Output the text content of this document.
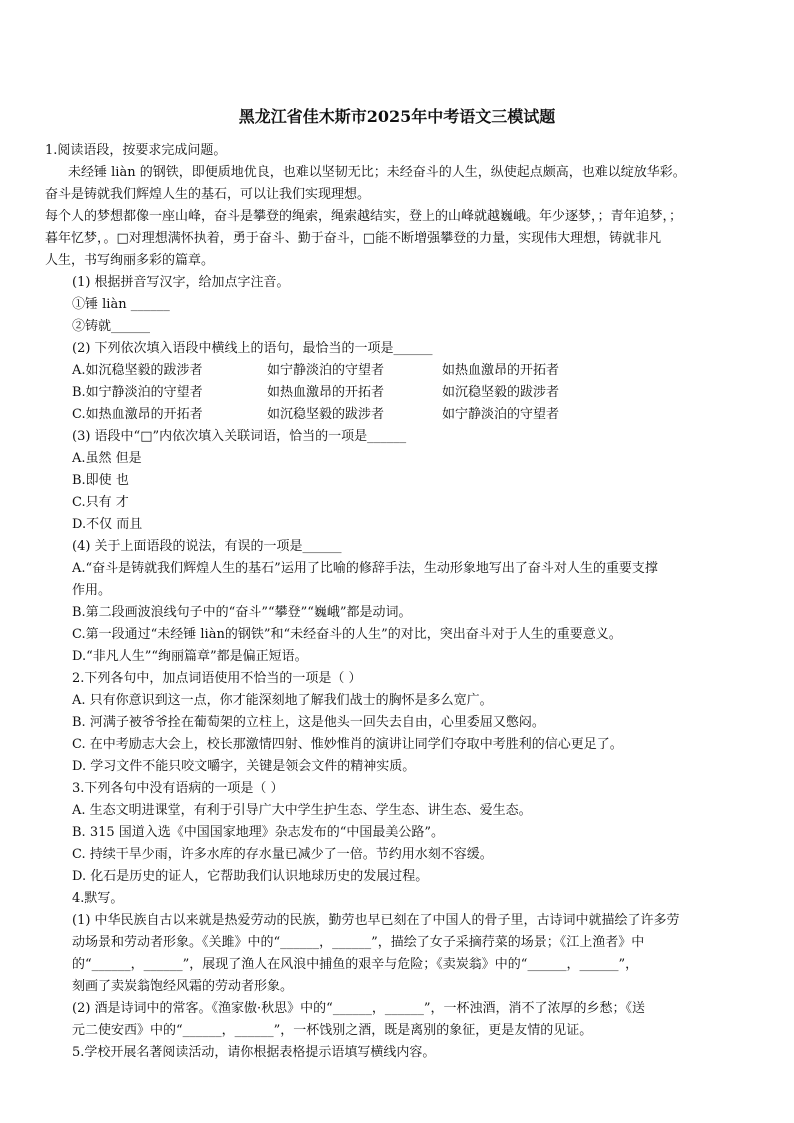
黑龙江省佳木斯市2025年中考语文三模试题
1.阅读语段，按要求完成问题。
未经锤 liàn 的钢铁，即便质地优良，也难以坚韧无比；未经奋斗的人生，纵使起点颇高，也难以绽放华彩。
奋斗是铸就我们辉煌人生的基石，可以让我们实现理想。
每个人的梦想都像一座山峰，奋斗是攀登的绳索，绳索越结实，登上的山峰就越巍峨。年少逐梦，；青年追梦，；
暮年忆梦，。□对理想满怀执着，勇于奋斗、勤于奋斗，□能不断增强攀登的力量，实现伟大理想，铸就非凡
人生，书写绚丽多彩的篇章。
(1) 根据拼音写汉字，给加点字注音。
①锤 liàn ______
②铸就______
(2) 下列依次填入语段中横线上的语句，最恰当的一项是______
(3) 语段中“□”内依次填入关联词语，恰当的一项是______
A.虽然 但是
B.即使 也
C.只有 才
D.不仅 而且
(4) 关于上面语段的说法，有误的一项是______
A.“奋斗是铸就我们辉煌人生的基石”运用了比喻的修辞手法，生动形象地写出了奋斗对人生的重要支撑
作用。
B.第二段画波浪线句子中的“奋斗”“攀登”“巍峨”都是动词。
C.第一段通过“未经锤 liàn的钢铁”和“未经奋斗的人生”的对比，突出奋斗对于人生的重要意义。
D.“非凡人生”“绚丽篇章”都是偏正短语。
2.下列各句中，加点词语使用不恰当的一项是（ ）
A. 只有你意识到这一点，你才能深刻地了解我们战士的胸怀是多么宽广。
B. 河满子被爷爷拴在葡萄架的立柱上，这是他头一回失去自由，心里委屈又憋闷。
C. 在中考励志大会上，校长那激情四射、惟妙惟肖的演讲让同学们夺取中考胜利的信心更足了。
D. 学习文件不能只咬文嚼字，关键是领会文件的精神实质。
3.下列各句中没有语病的一项是（ ）
A. 生态文明进课堂，有利于引导广大中学生护生态、学生态、讲生态、爱生态。
B. 315 国道入选《中国国家地理》杂志发布的“中国最美公路”。
C. 持续干旱少雨，许多水库的存水量已减少了一倍。节约用水刻不容缓。
D. 化石是历史的证人，它帮助我们认识地球历史的发展过程。
4.默写。
(1) 中华民族自古以来就是热爱劳动的民族，勤劳也早已刻在了中国人的骨子里，古诗词中就描绘了许多劳
动场景和劳动者形象。《关雎》中的“______，______”，描绘了女子采摘荇菜的场景；《江上渔者》中
的“______，______”，展现了渔人在风浪中捕鱼的艰辛与危险；《卖炭翁》中的“______，______”，
刻画了卖炭翁饱经风霜的劳动者形象。
(2) 酒是诗词中的常客。《渔家傲·秋思》中的“______，______”，一杯浊酒，消不了浓厚的乡愁；《送
元二使安西》中的“______，______”，一杯饯别之酒，既是离别的象征，更是友情的见证。
5.学校开展名著阅读活动，请你根据表格提示语填写横线内容。
A.如沉稳坚毅的跋涉者	如宁静淡泊的守望者	如热血激昂的开拓者
B.如宁静淡泊的守望者	如热血激昂的开拓者	如沉稳坚毅的跋涉者
C.如热血激昂的开拓者	如沉稳坚毅的跋涉者	如宁静淡泊的守望者
